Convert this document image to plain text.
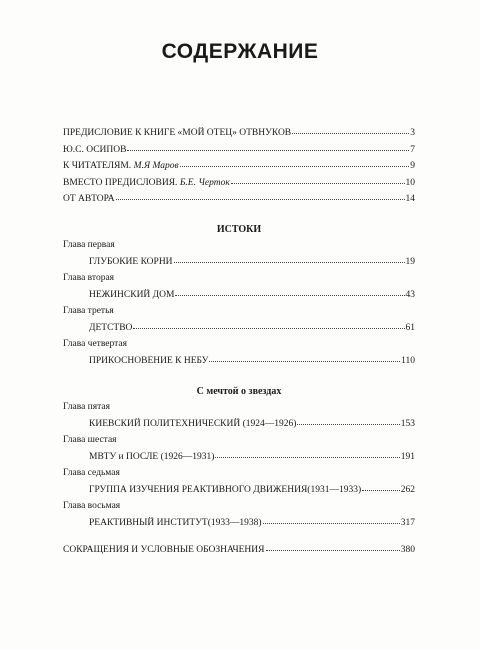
СОДЕРЖАНИЕ
ПРЕДИСЛОВИЕ К КНИГЕ «МОЙ ОТЕЦ» ОТВНУКОВ	3
Ю.С. ОСИПОВ	7
К ЧИТАТЕЛЯМ. М.Я Маров	9
ВМЕСТО ПРЕДИСЛОВИЯ. Б.Е. Черток	10
ОТ АВТОРА	14
ИСТОКИ
Глава первая
ГЛУБОКИЕ КОРНИ	19
Глава вторая
НЕЖИНСКИЙ ДОМ	43
Глава третья
ДЕТСТВО	61
Глава четвертая
ПРИКОСНОВЕНИЕ К НЕБУ	110
С мечтой о звездах
Глава пятая
КИЕВСКИЙ ПОЛИТЕХНИЧЕСКИЙ (1924—1926)	153
Глава шестая
МВТУ и ПОСЛЕ (1926—1931)	191
Глава седьмая
ГРУППА ИЗУЧЕНИЯ РЕАКТИВНОГО ДВИЖЕНИЯ(1931—1933)	262
Глава восьмая
РЕАКТИВНЫЙ ИНСТИТУТ(1933—1938)	317
СОКРАЩЕНИЯ И УСЛОВНЫЕ ОБОЗНАЧЕНИЯ	380
